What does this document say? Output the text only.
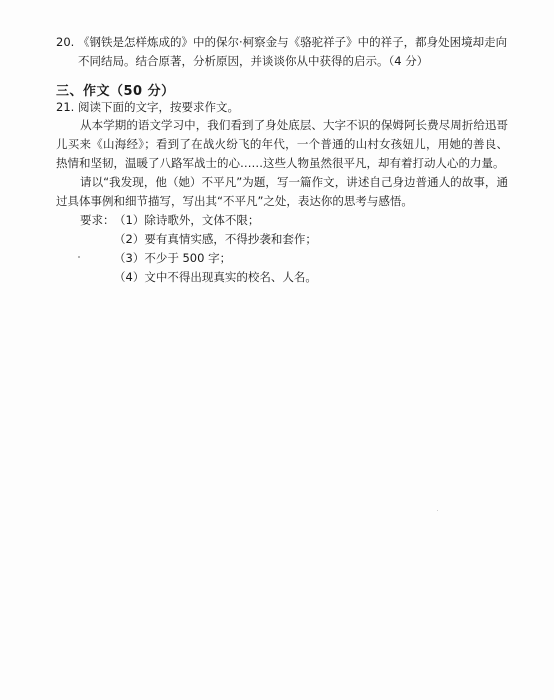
20. 《钢铁是怎样炼成的》中的保尔·柯察金与《骆驼祥子》中的祥子，都身处困境却走向
不同结局。结合原著，分析原因，并谈谈你从中获得的启示。（4 分）
三、作文（50 分）
21. 阅读下面的文字，按要求作文。
从本学期的语文学习中，我们看到了身处底层、大字不识的保姆阿长费尽周折给迅哥儿买来《山海经》；看到了在战火纷飞的年代，一个普通的山村女孩妞儿，用她的善良、热情和坚韧，温暖了八路军战士的心……这些人物虽然很平凡，却有着打动人心的力量。
请以“我发现，他（她）不平凡”为题，写一篇作文，讲述自己身边普通人的故事，通过具体事例和细节描写，写出其“不平凡”之处，表达你的思考与感悟。
要求： （1）除诗歌外，文体不限；
（2）要有真情实感，不得抄袭和套作；
（3）不少于 500 字；
（4）文中不得出现真实的校名、人名。
